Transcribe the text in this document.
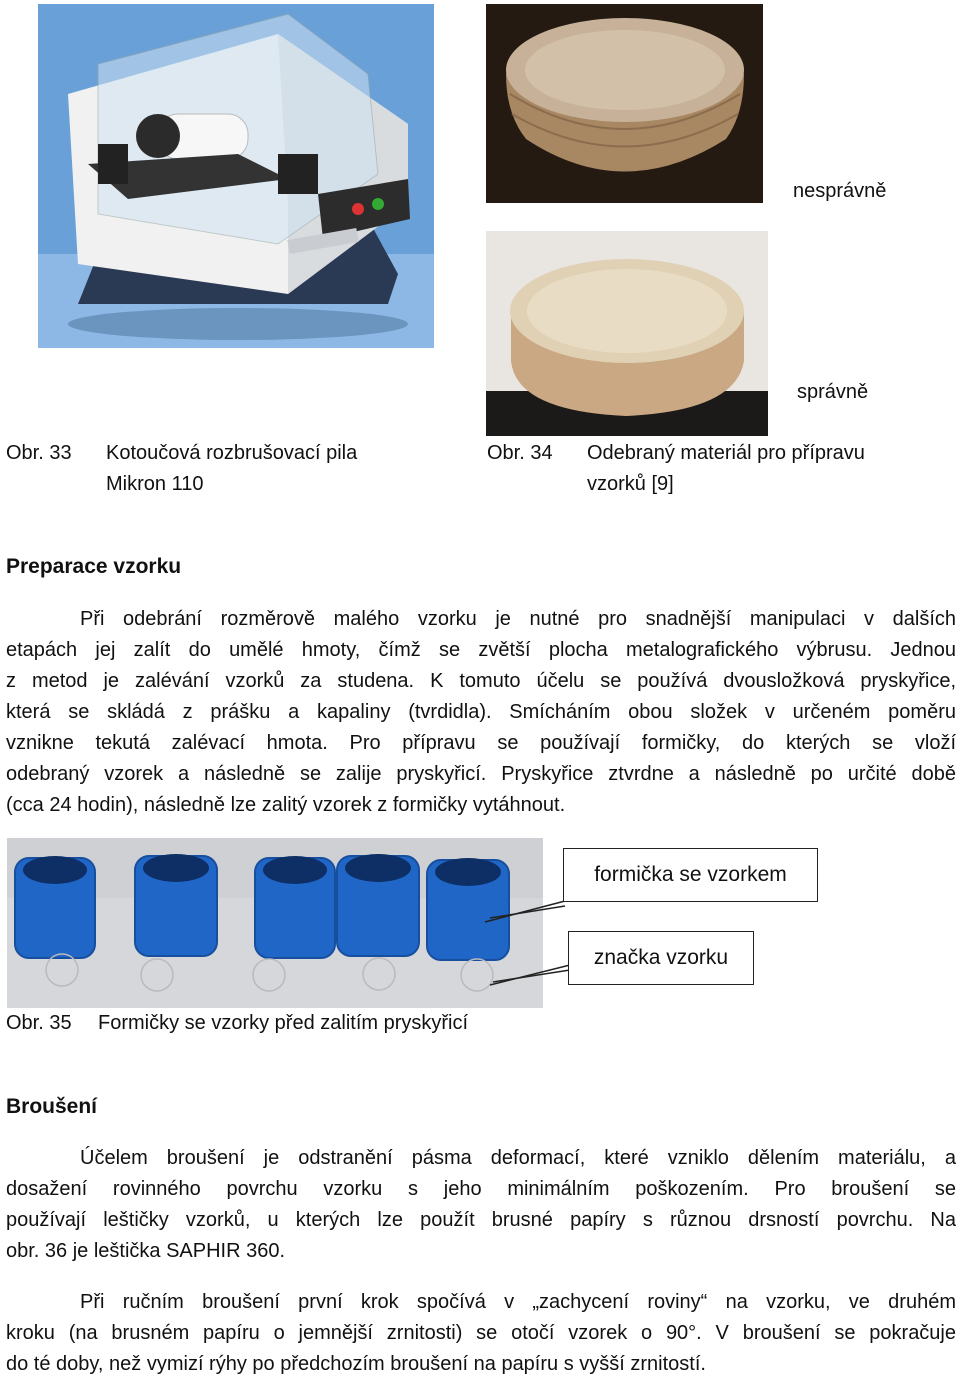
nesprávně
správně
Obr. 33 Kotoučová rozbrušovací pila
Mikron 110
Obr. 34 Odebraný materiál pro přípravu
vzorků [9]
Preparace vzorku
Při odebrání rozměrově malého vzorku je nutné pro snadnější manipulaci v dalších
etapách jej zalít do umělé hmoty, čímž se zvětší plocha metalografického výbrusu. Jednou
z metod je zalévání vzorků za studena. K tomuto účelu se používá dvousložková pryskyřice,
která se skládá z prášku a kapaliny (tvrdidla). Smícháním obou složek v určeném poměru
vznikne tekutá zalévací hmota. Pro přípravu se používají formičky, do kterých se vloží
odebraný vzorek a následně se zalije pryskyřicí. Pryskyřice ztvrdne a následně po určité době
(cca 24 hodin), následně lze zalitý vzorek z formičky vytáhnout.
formička se vzorkem
značka vzorku
Obr. 35 Formičky se vzorky před zalitím pryskyřicí
Broušení
Účelem broušení je odstranění pásma deformací, které vzniklo dělením materiálu, a
dosažení rovinného povrchu vzorku s jeho minimálním poškozením. Pro broušení se
používají leštičky vzorků, u kterých lze použít brusné papíry s různou drsností povrchu. Na
obr. 36 je leštička SAPHIR 360.
Při ručním broušení první krok spočívá v „zachycení roviny“ na vzorku, ve druhém
kroku (na brusném papíru o jemnější zrnitosti) se otočí vzorek o 90°. V broušení se pokračuje
do té doby, než vymizí rýhy po předchozím broušení na papíru s vyšší zrnitostí.
